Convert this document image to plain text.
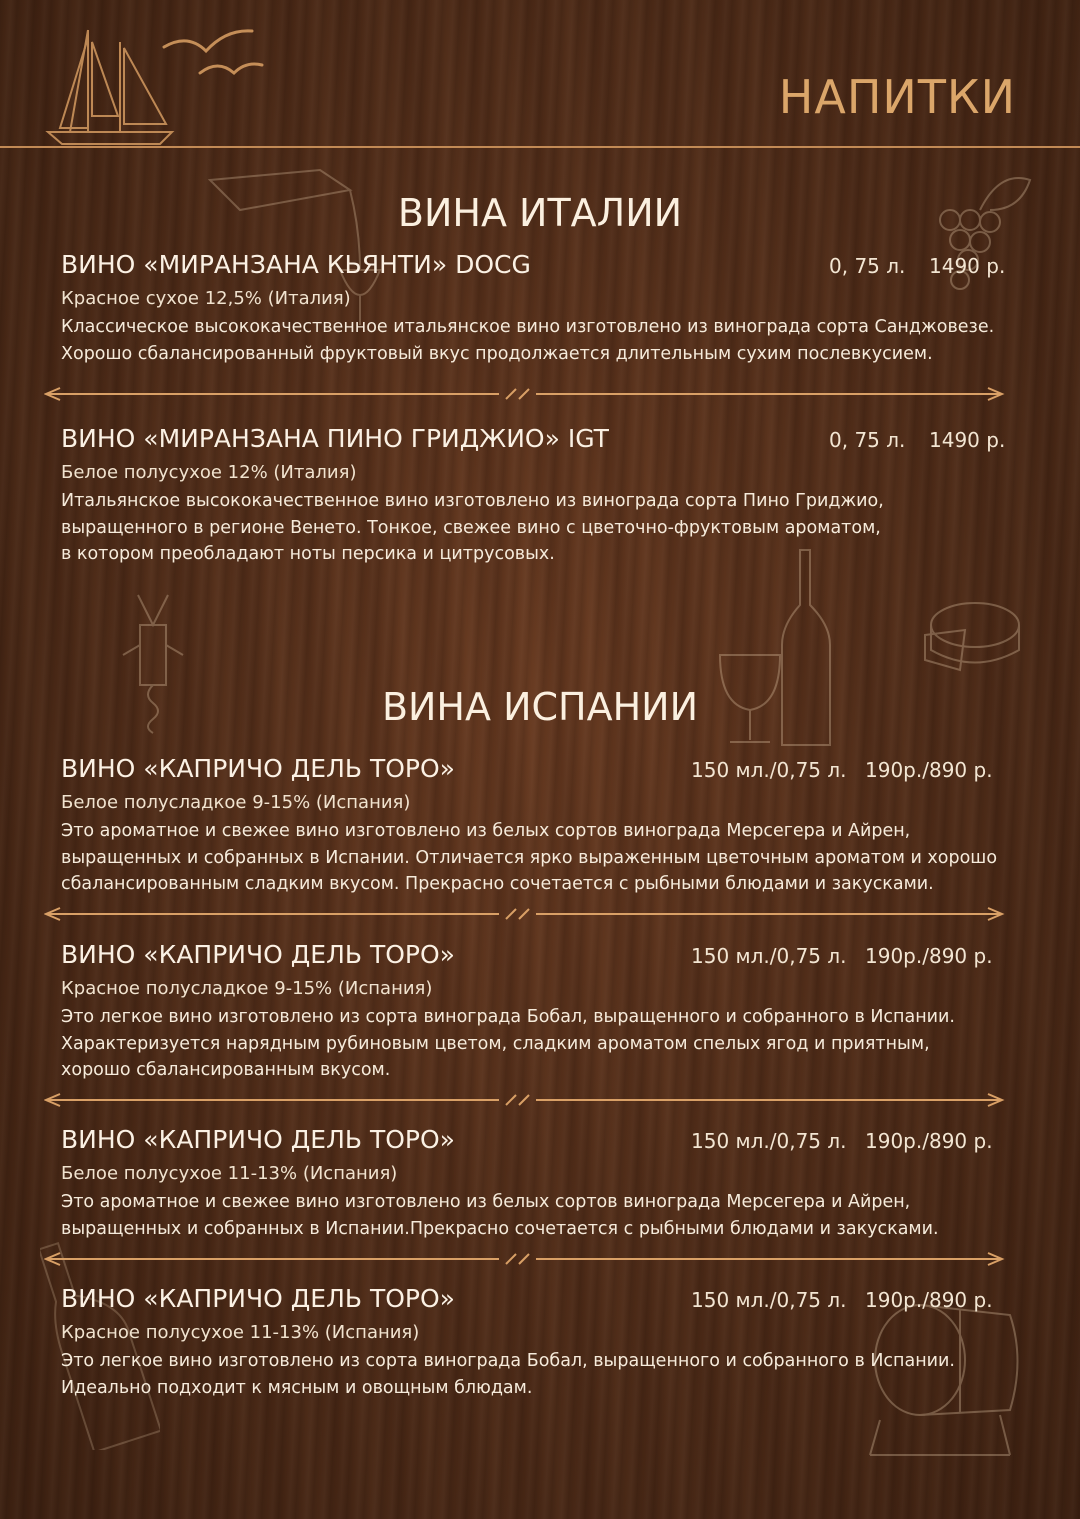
НАПИТКИ
ВИНА ИТАЛИИ
ВИНО «МИРАНЗАНА КЬЯНТИ» DOCG	0, 75 л. 1490 р.
Красное сухое 12,5% (Италия)
Классическое высококачественное итальянское вино изготовлено из винограда сорта Санджовезе.
Хорошо сбалансированный фруктовый вкус продолжается длительным сухим послевкусием.
ВИНО «МИРАНЗАНА ПИНО ГРИДЖИО» IGT	0, 75 л. 1490 р.
Белое полусухое 12% (Италия)
Итальянское высококачественное вино изготовлено из винограда сорта Пино Гриджио,
выращенного в регионе Венето. Тонкое, свежее вино с цветочно-фруктовым ароматом,
в котором преобладают ноты персика и цитрусовых.
ВИНА ИСПАНИИ
ВИНО «КАПРИЧО ДЕЛЬ ТОРО»	150 мл./0,75 л. 190р./890 р.
Белое полусладкое 9-15% (Испания)
Это ароматное и свежее вино изготовлено из белых сортов винограда Мерсегера и Айрен,
выращенных и собранных в Испании. Отличается ярко выраженным цветочным ароматом и хорошо
сбалансированным сладким вкусом. Прекрасно сочетается с рыбными блюдами и закусками.
ВИНО «КАПРИЧО ДЕЛЬ ТОРО»	150 мл./0,75 л. 190р./890 р.
Красное полусладкое 9-15% (Испания)
Это легкое вино изготовлено из сорта винограда Бобал, выращенного и собранного в Испании.
Характеризуется нарядным рубиновым цветом, сладким ароматом спелых ягод и приятным,
хорошо сбалансированным вкусом.
ВИНО «КАПРИЧО ДЕЛЬ ТОРО»	150 мл./0,75 л. 190р./890 р.
Белое полусухое 11-13% (Испания)
Это ароматное и свежее вино изготовлено из белых сортов винограда Мерсегера и Айрен,
выращенных и собранных в Испании.Прекрасно сочетается с рыбными блюдами и закусками.
ВИНО «КАПРИЧО ДЕЛЬ ТОРО»	150 мл./0,75 л. 190р./890 р.
Красное полусухое 11-13% (Испания)
Это легкое вино изготовлено из сорта винограда Бобал, выращенного и собранного в Испании.
Идеально подходит к мясным и овощным блюдам.
